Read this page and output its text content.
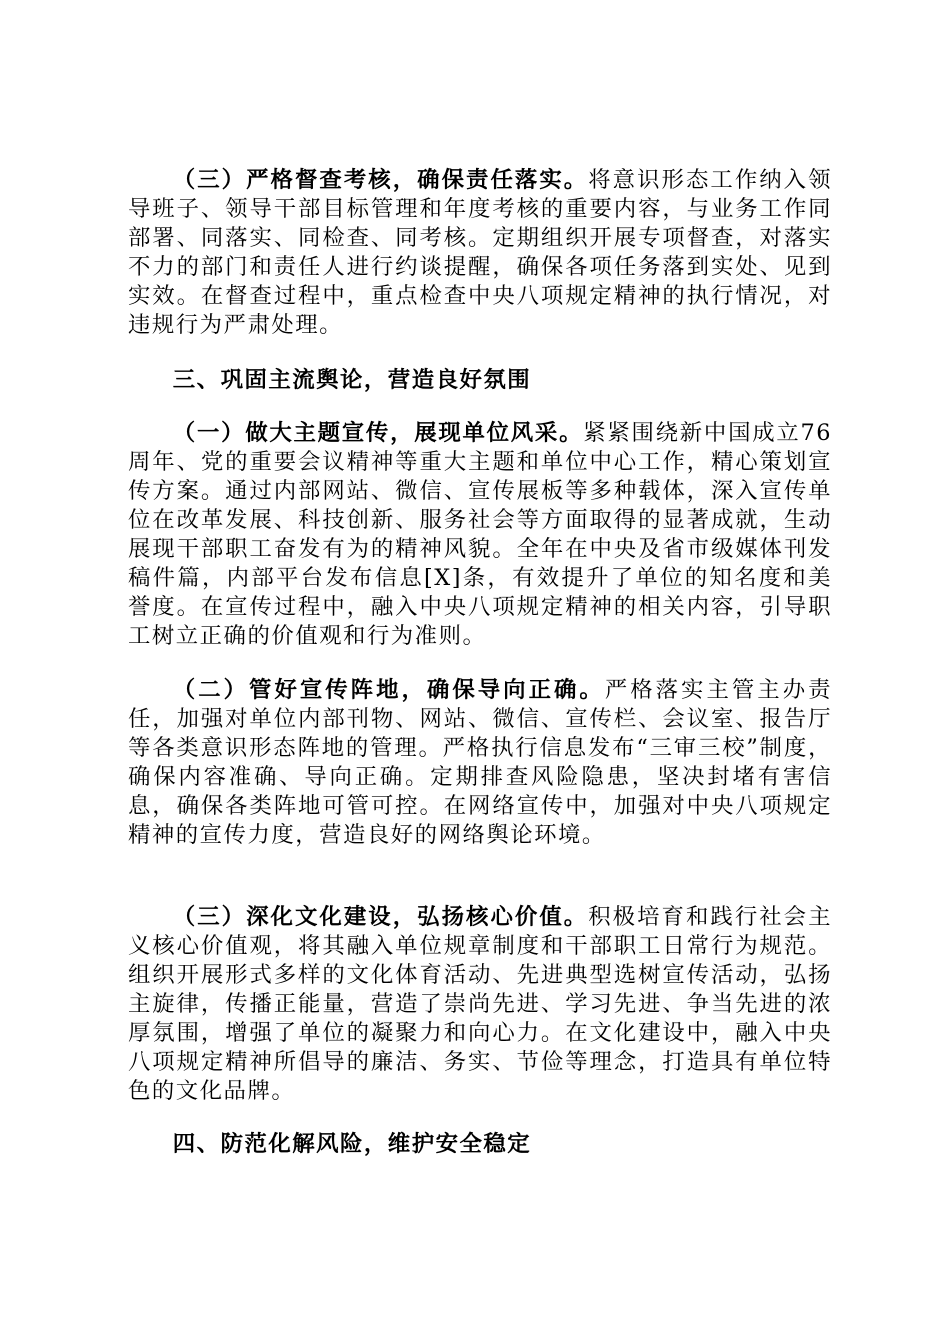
（三）严格督查考核，确保责任落实。将意识形态工作纳入领导班子、领导干部目标管理和年度考核的重要内容，与业务工作同部署、同落实、同检查、同考核。定期组织开展专项督查，对落实不力的部门和责任人进行约谈提醒，确保各项任务落到实处、见到实效。在督查过程中，重点检查中央八项规定精神的执行情况，对违规行为严肃处理。

三、巩固主流舆论，营造良好氛围

（一）做大主题宣传，展现单位风采。紧紧围绕新中国成立76周年、党的重要会议精神等重大主题和单位中心工作，精心策划宣传方案。通过内部网站、微信、宣传展板等多种载体，深入宣传单位在改革发展、科技创新、服务社会等方面取得的显著成就，生动展现干部职工奋发有为的精神风貌。全年在中央及省市级媒体刊发稿件篇，内部平台发布信息[X]条，有效提升了单位的知名度和美誉度。在宣传过程中，融入中央八项规定精神的相关内容，引导职工树立正确的价值观和行为准则。

（二）管好宣传阵地，确保导向正确。严格落实主管主办责任，加强对单位内部刊物、网站、微信、宣传栏、会议室、报告厅等各类意识形态阵地的管理。严格执行信息发布“三审三校”制度，确保内容准确、导向正确。定期排查风险隐患，坚决封堵有害信息，确保各类阵地可管可控。在网络宣传中，加强对中央八项规定精神的宣传力度，营造良好的网络舆论环境。

（三）深化文化建设，弘扬核心价值。积极培育和践行社会主义核心价值观，将其融入单位规章制度和干部职工日常行为规范。组织开展形式多样的文化体育活动、先进典型选树宣传活动，弘扬主旋律，传播正能量，营造了崇尚先进、学习先进、争当先进的浓厚氛围，增强了单位的凝聚力和向心力。在文化建设中，融入中央八项规定精神所倡导的廉洁、务实、节俭等理念，打造具有单位特色的文化品牌。

四、防范化解风险，维护安全稳定
